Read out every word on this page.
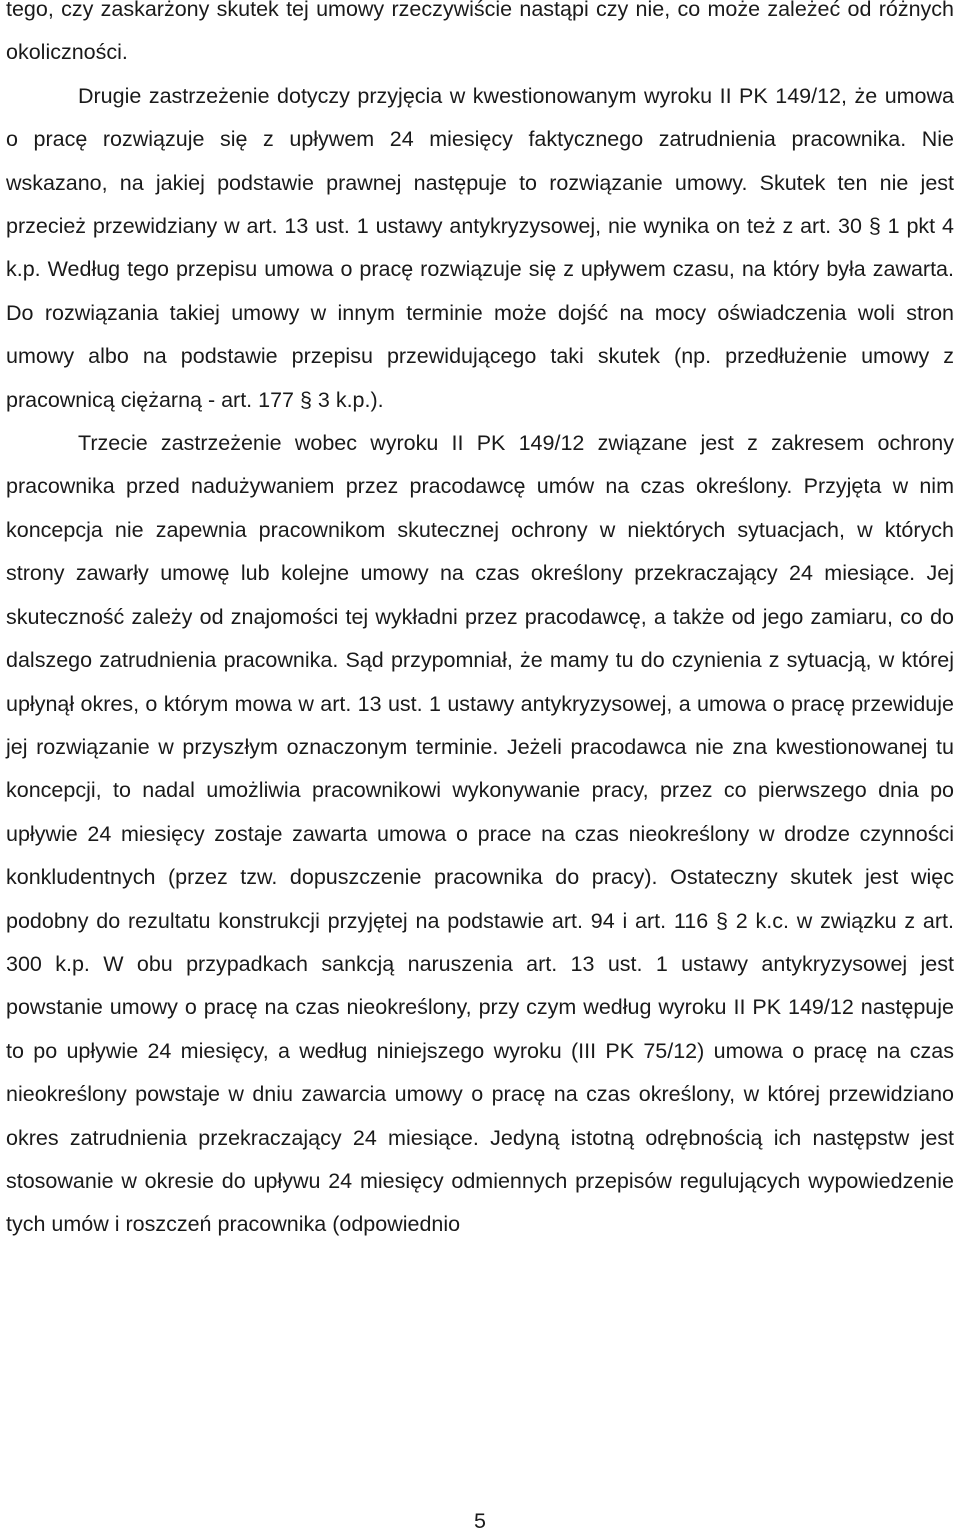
tego, czy zaskarżony skutek tej umowy rzeczywiście nastąpi czy nie, co może zależeć od różnych okoliczności.

Drugie zastrzeżenie dotyczy przyjęcia w kwestionowanym wyroku II PK 149/12, że umowa o pracę rozwiązuje się z upływem 24 miesięcy faktycznego zatrudnienia pracownika. Nie wskazano, na jakiej podstawie prawnej następuje to rozwiązanie umowy. Skutek ten nie jest przecież przewidziany w art. 13 ust. 1 ustawy antykryzysowej, nie wynika on też z art. 30 § 1 pkt 4 k.p. Według tego przepisu umowa o pracę rozwiązuje się z upływem czasu, na który była zawarta. Do rozwiązania takiej umowy w innym terminie może dojść na mocy oświadczenia woli stron umowy albo na podstawie przepisu przewidującego taki skutek (np. przedłużenie umowy z pracownicą ciężarną - art. 177 § 3 k.p.).

Trzecie zastrzeżenie wobec wyroku II PK 149/12 związane jest z zakresem ochrony pracownika przed nadużywaniem przez pracodawcę umów na czas określony. Przyjęta w nim koncepcja nie zapewnia pracownikom skutecznej ochrony w niektórych sytuacjach, w których strony zawarły umowę lub kolejne umowy na czas określony przekraczający 24 miesiące. Jej skuteczność zależy od znajomości tej wykładni przez pracodawcę, a także od jego zamiaru, co do dalszego zatrudnienia pracownika. Sąd przypomniał, że mamy tu do czynienia z sytuacją, w której upłynął okres, o którym mowa w art. 13 ust. 1 ustawy antykryzysowej, a umowa o pracę przewiduje jej rozwiązanie w przyszłym oznaczonym terminie. Jeżeli pracodawca nie zna kwestionowanej tu koncepcji, to nadal umożliwia pracownikowi wykonywanie pracy, przez co pierwszego dnia po upływie 24 miesięcy zostaje zawarta umowa o prace na czas nieokreślony w drodze czynności konkludentnych (przez tzw. dopuszczenie pracownika do pracy). Ostateczny skutek jest więc podobny do rezultatu konstrukcji przyjętej na podstawie art. 94 i art. 116 § 2 k.c. w związku z art. 300 k.p. W obu przypadkach sankcją naruszenia art. 13 ust. 1 ustawy antykryzysowej jest powstanie umowy o pracę na czas nieokreślony, przy czym według wyroku II PK 149/12 następuje to po upływie 24 miesięcy, a według niniejszego wyroku (III PK 75/12) umowa o pracę na czas nieokreślony powstaje w dniu zawarcia umowy o pracę na czas określony, w której przewidziano okres zatrudnienia przekraczający 24 miesiące. Jedyną istotną odrębnością ich następstw jest stosowanie w okresie do upływu 24 miesięcy odmiennych przepisów regulujących wypowiedzenie tych umów i roszczeń pracownika (odpowiednio

5
